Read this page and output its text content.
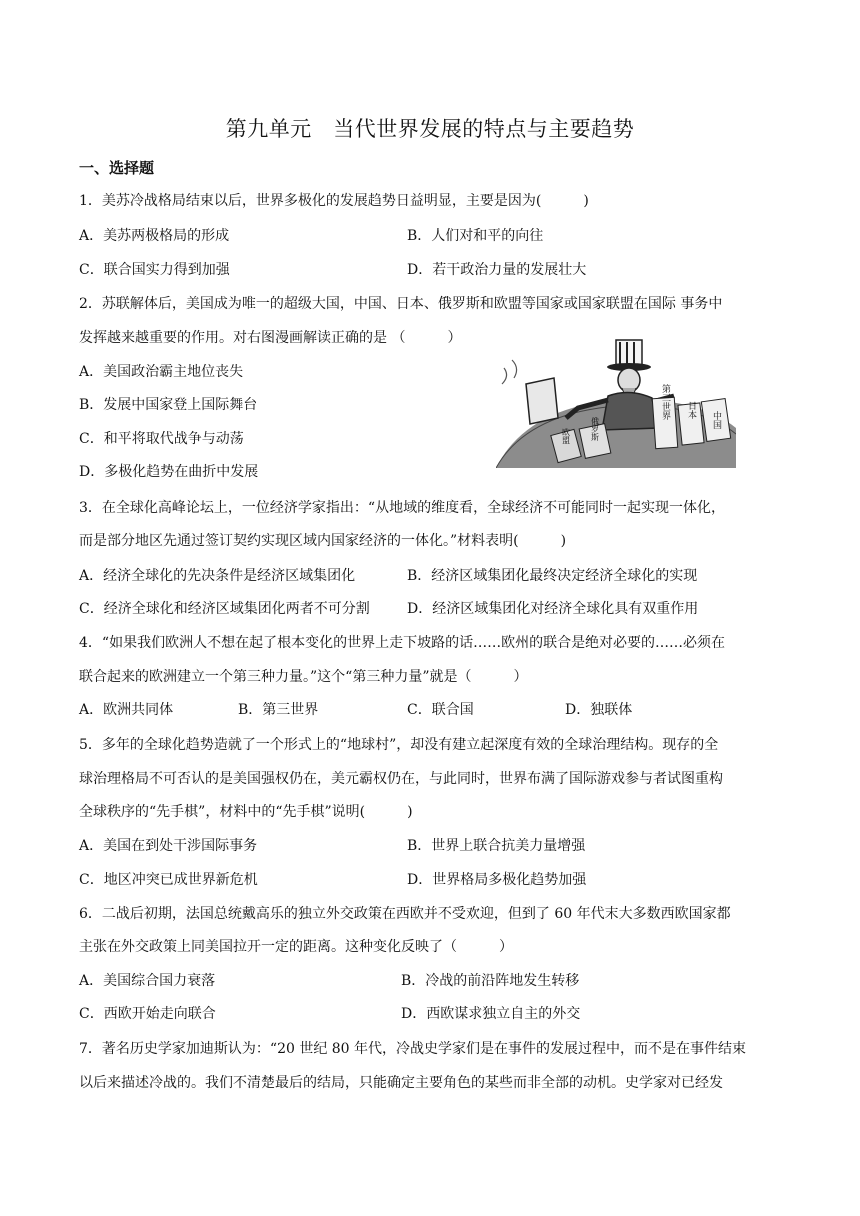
第九单元　当代世界发展的特点与主要趋势
一、选择题
1．美苏冷战格局结束以后，世界多极化的发展趋势日益明显，主要是因为(　　　)
A．美苏两极格局的形成	B．人们对和平的向往
C．联合国实力得到加强	D．若干政治力量的发展壮大
2．苏联解体后，美国成为唯一的超级大国，中国、日本、俄罗斯和欧盟等国家或国家联盟在国际 事务中
发挥越来越重要的作用。对右图漫画解读正确的是 （　　　）
A．美国政治霸主地位丧失
B．发展中国家登上国际舞台
C．和平将取代战争与动荡
D．多极化趋势在曲折中发展
中国
日本
第三世界
俄罗斯
欧盟
3．在全球化高峰论坛上，一位经济学家指出：“从地域的维度看，全球经济不可能同时一起实现一体化，
而是部分地区先通过签订契约实现区域内国家经济的一体化。”材料表明(　　　)
A．经济全球化的先决条件是经济区域集团化	B．经济区域集团化最终决定经济全球化的实现
C．经济全球化和经济区域集团化两者不可分割	D．经济区域集团化对经济全球化具有双重作用
4．“如果我们欧洲人不想在起了根本变化的世界上走下坡路的话……欧州的联合是绝对必要的……必须在
联合起来的欧洲建立一个第三种力量。”这个“第三种力量”就是（　　　）
A．欧洲共同体	B．第三世界	C．联合国	D．独联体
5．多年的全球化趋势造就了一个形式上的“地球村”，却没有建立起深度有效的全球治理结构。现存的全
球治理格局不可否认的是美国强权仍在，美元霸权仍在，与此同时，世界布满了国际游戏参与者试图重构
全球秩序的“先手棋”，材料中的“先手棋”说明(　　　)
A．美国在到处干涉国际事务	B．世界上联合抗美力量增强
C．地区冲突已成世界新危机	D．世界格局多极化趋势加强
6．二战后初期，法国总统戴高乐的独立外交政策在西欧并不受欢迎，但到了 60 年代末大多数西欧国家都
主张在外交政策上同美国拉开一定的距离。这种变化反映了（　　　）
A．美国综合国力衰落	B．冷战的前沿阵地发生转移
C．西欧开始走向联合	D．西欧谋求独立自主的外交
7．著名历史学家加迪斯认为：“20 世纪 80 年代，冷战史学家们是在事件的发展过程中，而不是在事件结束
以后来描述冷战的。我们不清楚最后的结局，只能确定主要角色的某些而非全部的动机。史学家对已经发
